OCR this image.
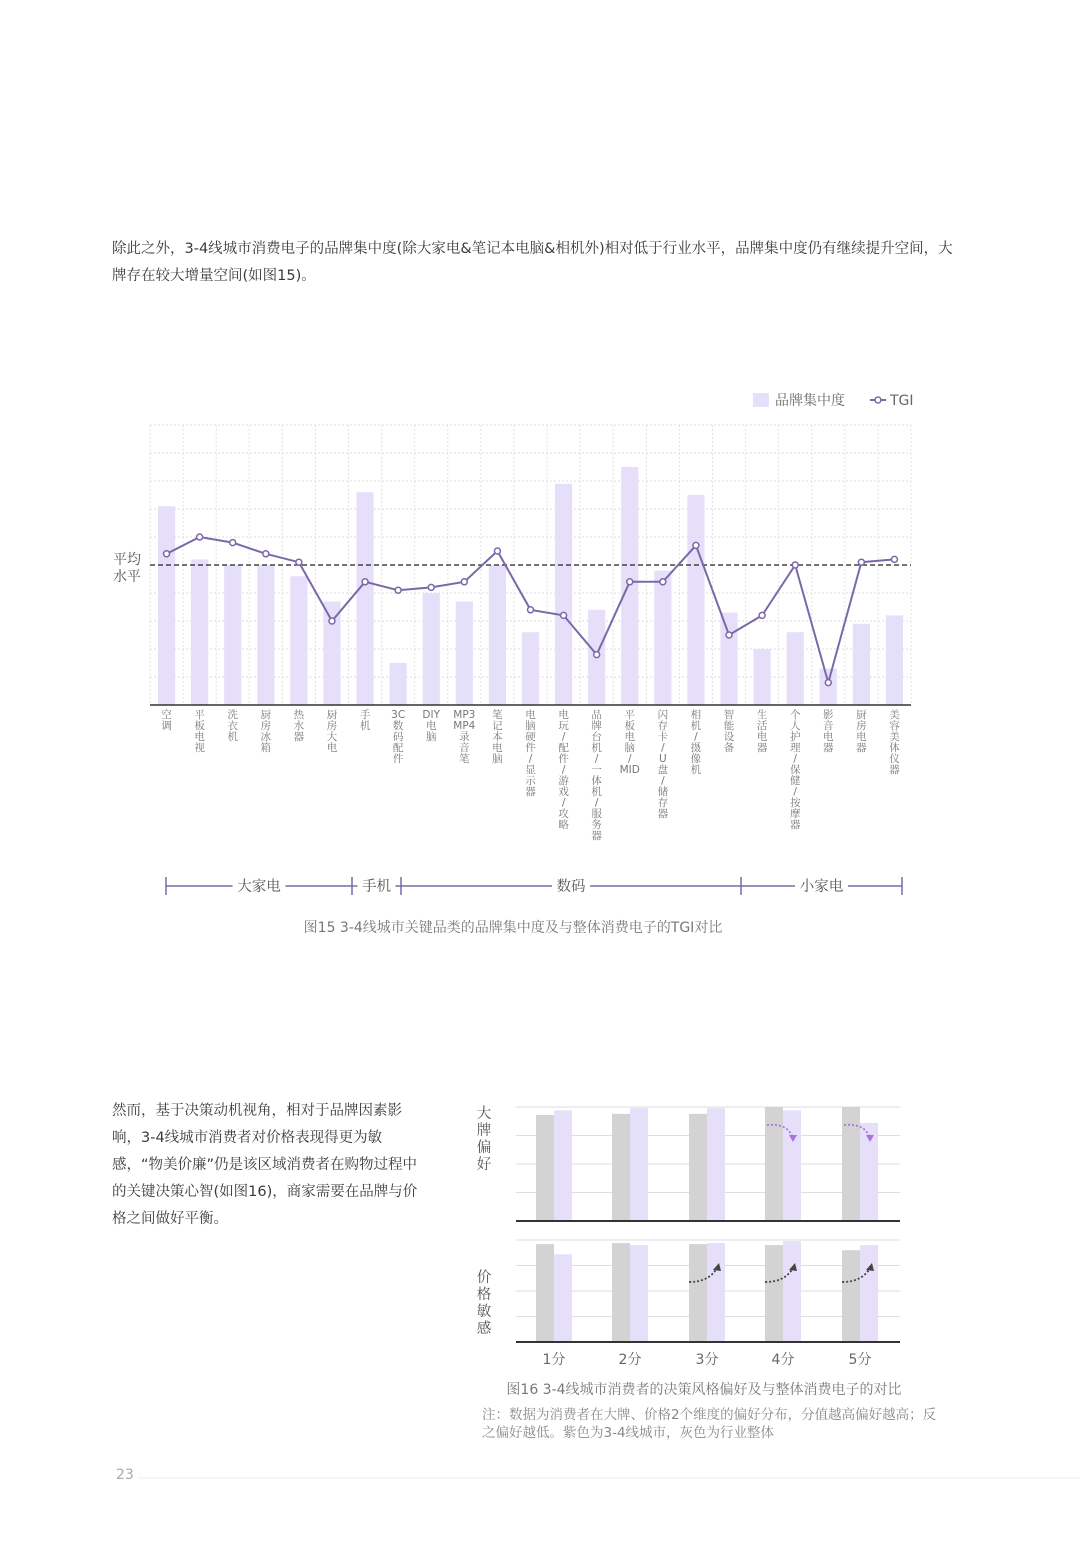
除此之外，3-4线城市消费电子的品牌集中度(除大家电&笔记本电脑&相机外)相对低于行业水平，品牌集中度仍有继续提升空间，大牌存在较大增量空间(如图15)。
平均
水平
空调
平板电视
洗衣机
厨房冰箱
热水器
厨房大电
手机
3C 数码配件
DIY 电脑
MP3 MP4 录音笔
笔记本电脑
电脑硬件/显示器
电玩/配件/游戏/攻略
品牌台机/一体机/服务器
平板电脑/ MID
闪存卡/ U 盘/储存器
相机/摄像机
智能设备
生活电器
个人护理/保健/按摩器
影音电器
厨房电器
美容美体仪器
大家电	手机	数码	小家电
品牌集中度	TGI
图15 3-4线城市关键品类的品牌集中度及与整体消费电子的TGI对比
然而，基于决策动机视角，相对于品牌因素影响，3-4线城市消费者对价格表现得更为敏感，“物美价廉”仍是该区域消费者在购物过程中的关键决策心智(如图16)，商家需要在品牌与价格之间做好平衡。
大
牌
偏
好
价
格
敏
感
1分	2分	3分	4分	5分
图16 3-4线城市消费者的决策风格偏好及与整体消费电子的对比
注：数据为消费者在大牌、价格2个维度的偏好分布，分值越高偏好越高；反之偏好越低。紫色为3-4线城市，灰色为行业整体
23
